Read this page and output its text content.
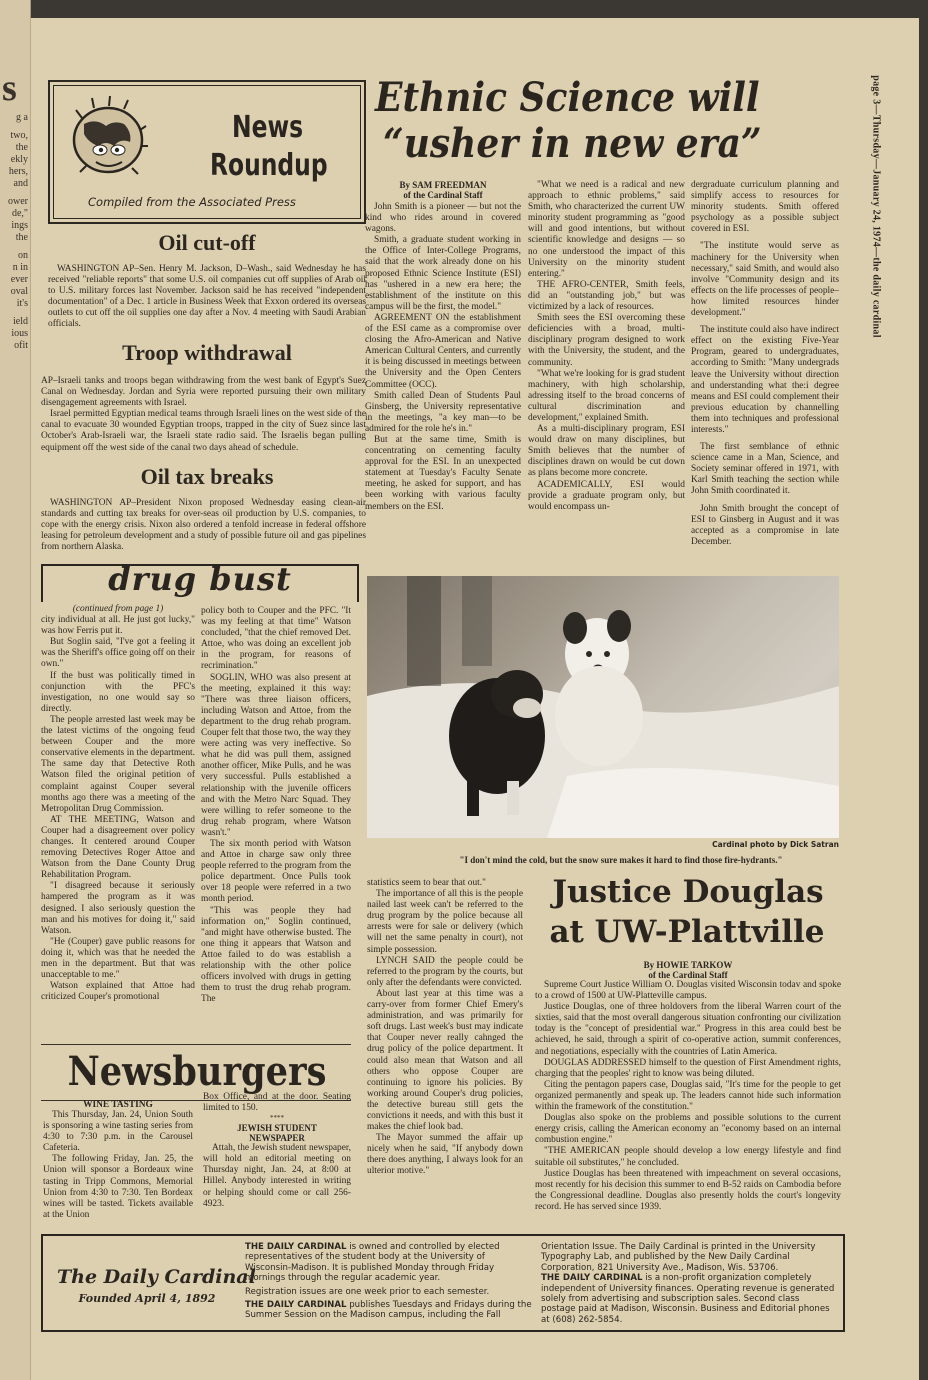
s
g a
two,
the
ekly
hers,
and
ower
de,"
ings
the
on
n in
ever
oval
it's
ield
ious
ofit
page 3—Thursday—January 24, 1974—the daily cardinal
News
Roundup
Compiled from the Associated Press
Oil cut-off

WASHINGTON AP–Sen. Henry M. Jackson, D–Wash., said Wednesday he has received "reliable reports" that some U.S. oil companies cut off supplies of Arab oil to U.S. military forces last November. Jackson said he has received "independent documentation" of a Dec. 1 article in Business Week that Exxon ordered its overseas outlets to cut off the oil supplies one day after a Nov. 4 meeting with Saudi Arabian officials.

Troop withdrawal

AP–Israeli tanks and troops began withdrawing from the west bank of Egypt's Suez Canal on Wednesday. Jordan and Syria were reported pursuing their own military disengagement agreements with Israel.

Israel permitted Egyptian medical teams through Israeli lines on the west side of the canal to evacuate 30 wounded Egyptian troops, trapped in the city of Suez since last October's Arab-Israeli war, the Israeli state radio said. The Israelis began pulling equipment off the west side of the canal two days ahead of schedule.

Oil tax breaks

WASHINGTON AP–President Nixon proposed Wednesday easing clean-air standards and cutting tax breaks for over-seas oil production by U.S. companies, to cope with the energy crisis. Nixon also ordered a tenfold increase in federal offshore leasing for petroleum development and a study of possible future oil and gas pipelines from northern Alaska.

Ethnic Science will
“usher in new era”
By SAM FREEDMAN
of the Cardinal Staff

John Smith is a pioneer — but not the kind who rides around in covered wagons.

Smith, a graduate student working in the Office of Inter-College Programs, said that the work already done on his proposed Ethnic Science Institute (ESI) has "ushered in a new era here; the establishment of the institute on this campus will be the first, the model."

AGREEMENT ON the establishment of the ESI came as a compromise over closing the Afro-American and Native American Cultural Centers, and currently it is being discussed in meetings between the University and the Open Centers Committee (OCC).

Smith called Dean of Students Paul Ginsberg, the University representative in the meetings, "a key man—to be admired for the role he's in."

But at the same time, Smith is concentrating on cementing faculty approval for the ESI. In an unexpected statement at Tuesday's Faculty Senate meeting, he asked for support, and has been working with various faculty members on the ESI.

"What we need is a radical and new approach to ethnic problems," said Smith, who characterized the current UW minority student programming as "good will and good intentions, but without scientific knowledge and designs — so no one understood the impact of this University on the minority student entering."

THE AFRO-CENTER, Smith feels, did an "outstanding job," but was victimized by a lack of resources.

Smith sees the ESI overcoming these deficiencies with a broad, multi-disciplinary program designed to work with the University, the student, and the community.

"What we're looking for is grad student machinery, with high scholarship, adressing itself to the broad concerns of cultural discrimination and development," explained Smith.

As a multi-disciplinary program, ESI would draw on many disciplines, but Smith believes that the number of disciplines drawn on would be cut down as plans become more concrete.

ACADEMICALLY, ESI would provide a graduate program only, but would encompass un-

dergraduate curriculum planning and simplify access to resources for minority students. Smith offered psychology as a possible subject covered in ESI.

"The institute would serve as machinery for the University when necessary," said Smith, and would also involve "Community design and its effects on the life processes of people– how limited resources hinder development."

The institute could also have indirect effect on the existing Five-Year Program, geared to undergraduates, according to Smith: "Many undergrads leave the University without direction and understanding what the:i degree means and ESI could complement their previous education by channelling them into techniques and professional interests."

The first semblance of ethnic science came in a Man, Science, and Society seminar offered in 1971, with Karl Smith teaching the section while John Smith coordinated it.

John Smith brought the concept of ESI to Ginsberg in August and it was accepted as a compromise in late December.

drug bust
(continued from page 1)

city individual at all. He just got lucky," was how Ferris put it.

But Soglin said, "I've got a feeling it was the Sheriff's office going off on their own."

If the bust was politically timed in conjunction with the PFC's investigation, no one would say so directly.

The people arrested last week may be the latest victims of the ongoing feud between Couper and the more conservative elements in the department. The same day that Detective Roth Watson filed the original petition of complaint against Couper several months ago there was a meeting of the Metropolitan Drug Commission.

AT THE MEETING, Watson and Couper had a disagreement over policy changes. It centered around Couper removing Detectives Roger Attoe and Watson from the Dane County Drug Rehabilitation Program.

"I disagreed because it seriously hampered the program as it was designed. I also seriously question the man and his motives for doing it," said Watson.

"He (Couper) gave public reasons for doing it, which was that he needed the men in the department. But that was unacceptable to me."

Watson explained that Attoe had criticized Couper's promotional

policy both to Couper and the PFC. "It was my feeling at that time" Watson concluded, "that the chief removed Det. Attoe, who was doing an excellent job in the program, for reasons of recrimination."

SOGLIN, WHO was also present at the meeting, explained it this way: "There was three liaison officers, including Watson and Attoe, from the department to the drug rehab program. Couper felt that those two, the way they were acting was very ineffective. So what he did was pull them, assigned another officer, Mike Pulls, and he was very successful. Pulls established a relationship with the juvenile officers and with the Metro Narc Squad. They were willing to refer someone to the drug rehab program, where Watson wasn't."

The six month period with Watson and Attoe in charge saw only three people referred to the program from the police department. Once Pulls took over 18 people were referred in a two month period.

"This was people they had information on," Soglin continued, "and might have otherwise busted. The one thing it appears that Watson and Attoe failed to do was establish a relationship with the other police officers involved with drugs in getting them to trust the drug rehab program. The

Cardinal photo by Dick Satran
"I don't mind the cold, but the snow sure makes it hard to find those fire-hydrants."

statistics seem to bear that out."

The importance of all this is the people nailed last week can't be referred to the drug program by the police because all arrests were for sale or delivery (which will net the same penalty in court), not simple possession.

LYNCH SAID the people could be referred to the program by the courts, but only after the defendants were convicted.

About last year at this time was a carry-over from former Chief Emery's administration, and was primarily for soft drugs. Last week's bust may indicate that Couper never really cahnged the drug policy of the police department. It could also mean that Watson and all others who oppose Couper are continuing to ignore his policies. By working around Couper's drug policies, the detective bureau still gets the convictions it needs, and with this bust it makes the chief look bad.

The Mayor summed the affair up nicely when he said, "If anybody down there does anything, I always look for an ulterior motive."

Justice Douglas
at UW-Plattville
By HOWIE TARKOW
of the Cardinal Staff

Supreme Court Justice William O. Douglas visited Wisconsin todav and spoke to a crowd of 1500 at UW-Platteville campus.

Justice Douglas, one of three holdovers from the liberal Warren court of the sixties, said that the most overall dangerous situation confronting our civilization today is the "concept of presidential war." Progress in this area could best be achieved, he said, through a spirit of co-operative action, summit conferences, and negotiations, especially with the countries of Latin America.

DOUGLAS ADDRESSED himself to the question of First Amendment rights, charging that the peoples' right to know was being diluted.

Citing the pentagon papers case, Douglas said, "It's time for the people to get organized permanently and speak up. The leaders cannot hide such information within the framework of the constitution."

Douglas also spoke on the problems and possible solutions to the current energy crisis, calling the American economy an "economy based on an internal combustion engine."

"THE AMERICAN people should develop a low energy lifestyle and find suitable oil substitutes," he concluded.

Justice Douglas has been threatened with impeachment on several occasions, most recently for his decision this summer to end B-52 raids on Cambodia before the Congressional deadline. Douglas also presently holds the court's longevity record. He has served since 1939.

Newsburgers
WINE TASTING

This Thursday, Jan. 24, Union South is sponsoring a wine tasting series from 4:30 to 7:30 p.m. in the Carousel Cafeteria.

The following Friday, Jan. 25, the Union will sponsor a Bordeaux wine tasting in Tripp Commons, Memorial Union from 4:30 to 7:30. Ten Bordeax wines will be tasted. Tickets available at the Union

Box Office, and at the door. Seating limited to 150.

****
JEWISH STUDENT
NEWSPAPER

Attah, the Jewish student newspaper, will hold an editorial meeting on Thursday night, Jan. 24, at 8:00 at Hillel. Anybody interested in writing or helping should come or call 256-4923.

The Daily Cardinal
Founded April 4, 1892
THE DAILY CARDINAL is owned and controlled by elected representatives of the student body at the University of Wisconsin-Madison. It is published Monday through Friday mornings through the regular academic year.
Registration issues are one week prior to each semester.
THE DAILY CARDINAL publishes Tuesdays and Fridays during the Summer Session on the Madison campus, including the Fall
Orientation Issue. The Daily Cardinal is printed in the University Typography Lab, and published by the New Daily Cardinal Corporation, 821 University Ave., Madison, Wis. 53706.
THE DAILY CARDINAL is a non-profit organization completely independent of University finances. Operating revenue is generated solely from advertising and subscription sales. Second class postage paid at Madison, Wisconsin. Business and Editorial phones at (608) 262-5854.
